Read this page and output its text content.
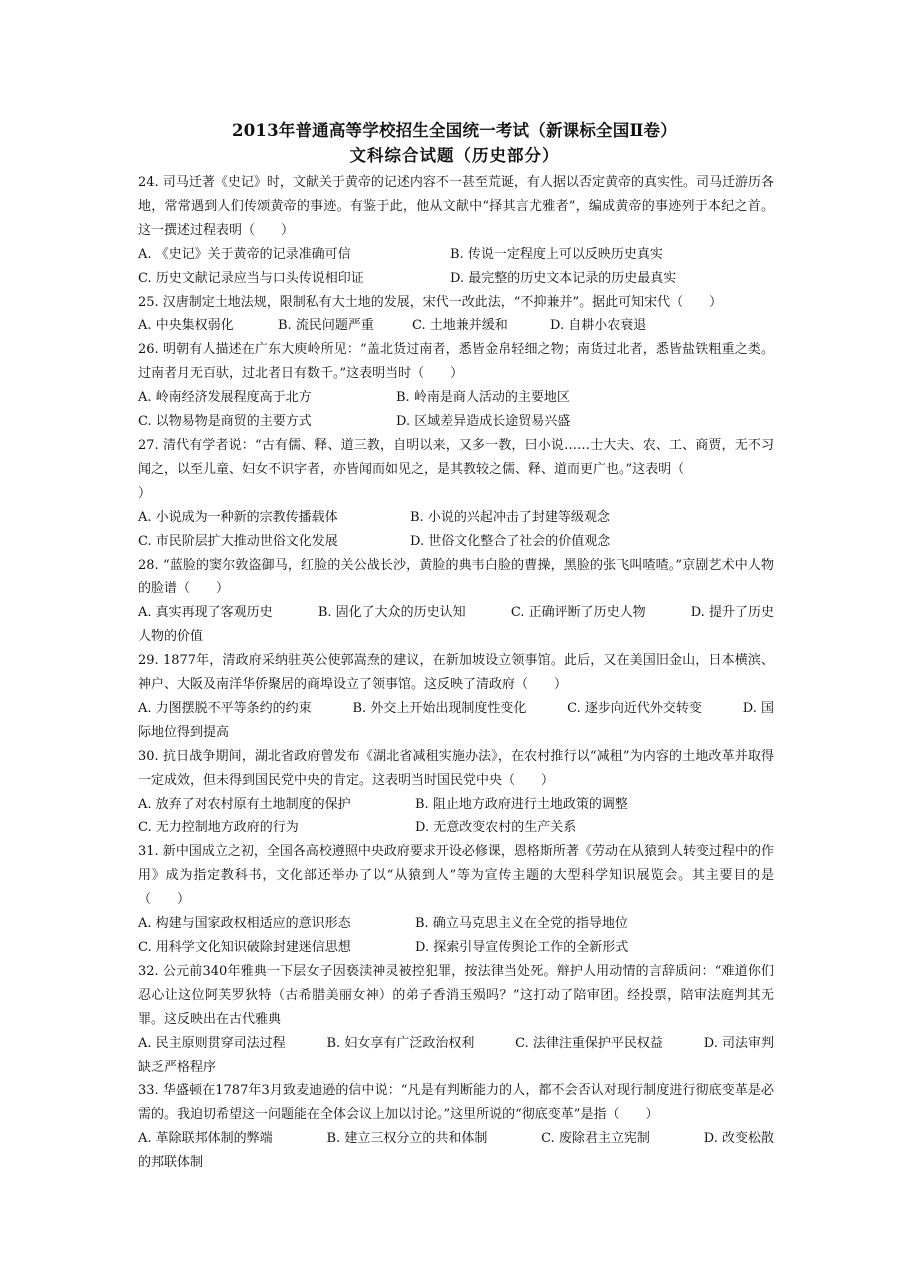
2013年普通高等学校招生全国统一考试（新课标全国Ⅱ卷）
文科综合试题（历史部分）
24. 司马迁著《史记》时，文献关于黄帝的记述内容不一甚至荒诞，有人据以否定黄帝的真实性。司马迁游历各地，常常遇到人们传颂黄帝的事迹。有鉴于此，他从文献中“择其言尤雅者”，编成黄帝的事迹列于本纪之首。这一撰述过程表明（　　）
A. 《史记》关于黄帝的记录准确可信	B. 传说一定程度上可以反映历史真实
C. 历史文献记录应当与口头传说相印证	D. 最完整的历史文本记录的历史最真实
25. 汉唐制定土地法规，限制私有大土地的发展，宋代一改此法，“不抑兼并”。据此可知宋代（　　）
A. 中央集权弱化	B. 流民问题严重	C. 土地兼并缓和	D. 自耕小农衰退
26. 明朝有人描述在广东大庾岭所见：“盖北货过南者，悉皆金帛轻细之物；南货过北者，悉皆盐铁粗重之类。过南者月无百驮，过北者日有数千。”这表明当时（　　）
A. 岭南经济发展程度高于北方	B. 岭南是商人活动的主要地区
C. 以物易物是商贸的主要方式	D. 区域差异造成长途贸易兴盛
27. 清代有学者说：“古有儒、释、道三教，自明以来，又多一教，曰小说……士大夫、农、工、商贾，无不习闻之，以至儿童、妇女不识字者，亦皆闻而如见之，是其教较之儒、释、道而更广也。”这表明（
）
A. 小说成为一种新的宗教传播载体	B. 小说的兴起冲击了封建等级观念
C. 市民阶层扩大推动世俗文化发展	D. 世俗文化整合了社会的价值观念
28. “蓝脸的窦尔敦盗御马，红脸的关公战长沙，黄脸的典韦白脸的曹操，黑脸的张飞叫喳喳。”京剧艺术中人物的脸谱（　　）
A. 真实再现了客观历史	B. 固化了大众的历史认知	C. 正确评断了历史人物	D. 提升了历史
人物的价值
29. 1877年，清政府采纳驻英公使郭嵩焘的建议，在新加坡设立领事馆。此后，又在美国旧金山，日本横滨、神户、大阪及南洋华侨聚居的商埠设立了领事馆。这反映了清政府（　　）
A. 力图摆脱不平等条约的约束	B. 外交上开始出现制度性变化	C. 逐步向近代外交转变	D. 国
际地位得到提高
30. 抗日战争期间，湖北省政府曾发布《湖北省减租实施办法》，在农村推行以“减租”为内容的土地改革并取得一定成效，但未得到国民党中央的肯定。这表明当时国民党中央（　　）
A. 放弃了对农村原有土地制度的保护	B. 阻止地方政府进行土地政策的调整
C. 无力控制地方政府的行为	D. 无意改变农村的生产关系
31. 新中国成立之初，全国各高校遵照中央政府要求开设必修课，恩格斯所著《劳动在从猿到人转变过程中的作用》成为指定教科书，文化部还举办了以“从猿到人”等为宣传主题的大型科学知识展览会。其主要目的是（　　）
A. 构建与国家政权相适应的意识形态	B. 确立马克思主义在全党的指导地位
C. 用科学文化知识破除封建迷信思想	D. 探索引导宣传舆论工作的全新形式
32. 公元前340年雅典一下层女子因亵渎神灵被控犯罪，按法律当处死。辩护人用动情的言辞质问：“难道你们忍心让这位阿芙罗狄特（古希腊美丽女神）的弟子香消玉殒吗？”这打动了陪审团。经投票，陪审法庭判其无罪。这反映出在古代雅典
A. 民主原则贯穿司法过程	B. 妇女享有广泛政治权利	C. 法律注重保护平民权益	D. 司法审判
缺乏严格程序
33. 华盛顿在1787年3月致麦迪逊的信中说：“凡是有判断能力的人，都不会否认对现行制度进行彻底变革是必需的。我迫切希望这一问题能在全体会议上加以讨论。”这里所说的“彻底变革”是指（　　）
A. 革除联邦体制的弊端	B. 建立三权分立的共和体制	C. 废除君主立宪制	D. 改变松散
的邦联体制
